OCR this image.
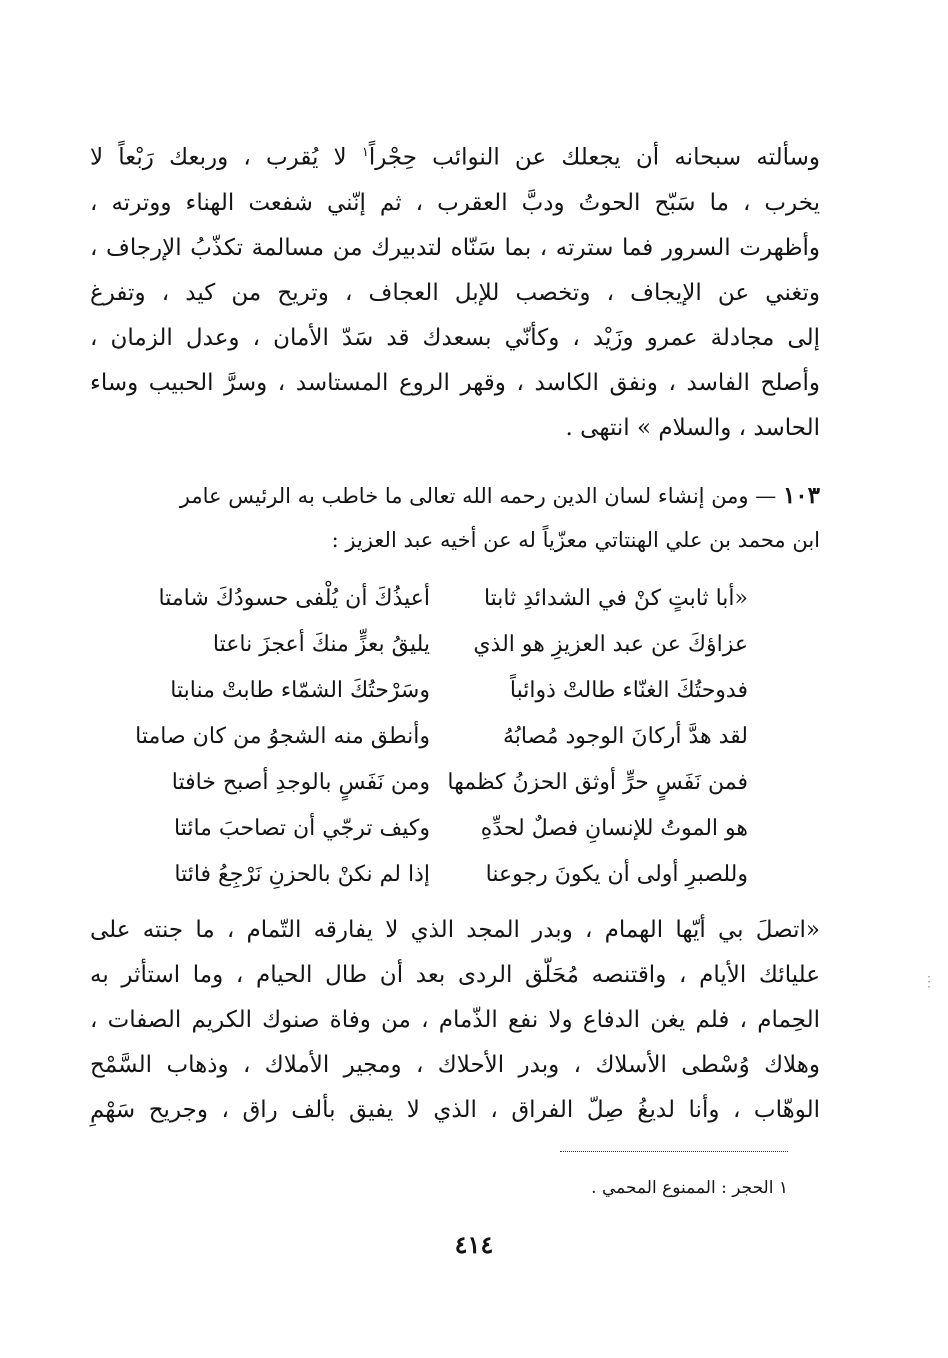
وسألته سبحانه أن يجعلك عن النوائب حِجْراً$^١$ لا يُقرب ، وربعك رَبْعاً لا
يخرب ، ما سَبّح الحوتُ ودبَّ العقرب ، ثم إنّني شفعت الهناء ووترته ،
وأظهرت السرور فما سترته ، بما سَنّاه لتدبيرك من مسالمة تكذّبُ الإرجاف ،
وتغني عن الإيجاف ، وتخصب للإبل العجاف ، وتريح من كيد ، وتفرغ
إلى مجادلة عمرو وزَيْد ، وكأنّي بسعدك قد سَدّ الأمان ، وعدل الزمان ،
وأصلح الفاسد ، ونفق الكاسد ، وقهر الروع المستاسد ، وسرَّ الحبيب وساء
الحاسد ، والسلام » انتهى .
١٠٣ — ومن إنشاء لسان الدين رحمه الله تعالى ما خاطب به الرئيس عامر
ابن محمد بن علي الهنتاتي معزّياً له عن أخيه عبد العزيز :
«أبا ثابتٍ كنْ في الشدائدِ ثابتا
أعيذُكَ أن يُلْفى حسودُكَ شامتا
عزاؤكَ عن عبد العزيزِ هو الذي
يليقُ بعزٍّ منكَ أعجزَ ناعتا
فدوحتُكَ الغنّاء طالتْ ذوائباً
وسَرْحتُكَ الشمّاء طابتْ منابتا
لقد هدَّ أركانَ الوجود مُصابُهُ
وأنطق منه الشجوُ من كان صامتا
فمن نَفَسٍ حرٍّ أوثق الحزنُ كظمها
ومن نَفَسٍ بالوجدِ أصبح خافتا
هو الموتُ للإنسانِ فصلٌ لحدِّهِ
وكيف ترجّي أن تصاحبَ مائتا
وللصبرِ أولى أن يكونَ رجوعنا
إذا لم نكنْ بالحزنِ نَرْجِعُ فائتا
«اتصلَ بي أيّها الهمام ، وبدر المجد الذي لا يفارقه التّمام ، ما جنته على
عليائك الأيام ، واقتنصه مُحَلّق الردى بعد أن طال الحيام ، وما استأثر به
الحِمام ، فلم يغن الدفاع ولا نفع الذّمام ، من وفاة صنوك الكريم الصفات ،
وهلاك وُسْطى الأسلاك ، وبدر الأحلاك ، ومجير الأملاك ، وذهاب السَّمْح
الوهّاب ، وأنا لديغُ صِلّ الفراق ، الذي لا يفيق بألف راق ، وجريح سَهْمِ
⋮
١ الحجر : الممنوع المحمي .
٤١٤
